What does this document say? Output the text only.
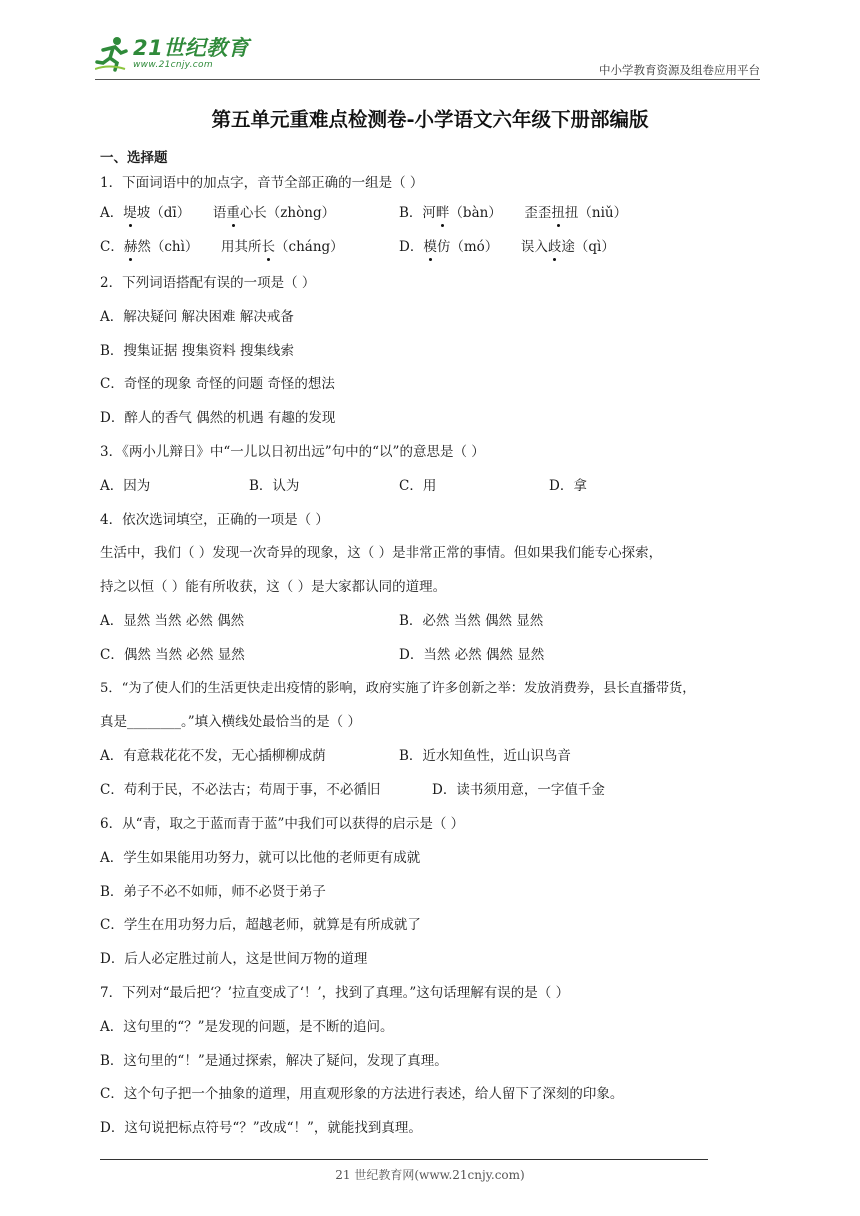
21世纪教育
www.21cnjy.com	中小学教育资源及组卷应用平台
第五单元重难点检测卷-小学语文六年级下册部编版
一、选择题
1．下面词语中的加点字，音节全部正确的一组是（ ）
A．堤坡（dī） 语重心长（zhòng）	B．河畔（bàn） 歪歪扭扭（niǔ）
C．赫然（chì） 用其所长（cháng）	D．模仿（mó） 误入歧途（qì）
2．下列词语搭配有误的一项是（ ）
A．解决疑问 解决困难 解决戒备
B．搜集证据 搜集资料 搜集线索
C．奇怪的现象 奇怪的问题 奇怪的想法
D．醉人的香气 偶然的机遇 有趣的发现
3．《两小儿辩日》中“一儿以日初出远”句中的“以”的意思是（ ）
A．因为	B．认为	C．用	D．拿
4．依次选词填空，正确的一项是（ ）
生活中，我们（ ）发现一次奇异的现象，这（ ）是非常正常的事情。但如果我们能专心探索，
持之以恒（ ）能有所收获，这（ ）是大家都认同的道理。
A．显然 当然 必然 偶然	B．必然 当然 偶然 显然
C．偶然 当然 必然 显然	D．当然 必然 偶然 显然
5．“为了使人们的生活更快走出疫情的影响，政府实施了许多创新之举：发放消费券，县长直播带货，
真是________。”填入横线处最恰当的是（ ）
A．有意栽花花不发，无心插柳柳成荫	B．近水知鱼性，近山识鸟音
C．苟利于民，不必法古；苟周于事，不必循旧	D．读书须用意，一字值千金
6．从“青，取之于蓝而青于蓝”中我们可以获得的启示是（ ）
A．学生如果能用功努力，就可以比他的老师更有成就
B．弟子不必不如师，师不必贤于弟子
C．学生在用功努力后，超越老师，就算是有所成就了
D．后人必定胜过前人，这是世间万物的道理
7．下列对“最后把‘？’拉直变成了‘！’，找到了真理。”这句话理解有误的是（ ）
A．这句里的“？”是发现的问题，是不断的追问。
B．这句里的“！”是通过探索，解决了疑问，发现了真理。
C．这个句子把一个抽象的道理，用直观形象的方法进行表述，给人留下了深刻的印象。
D．这句说把标点符号“？”改成“！”，就能找到真理。
21 世纪教育网(www.21cnjy.com)
